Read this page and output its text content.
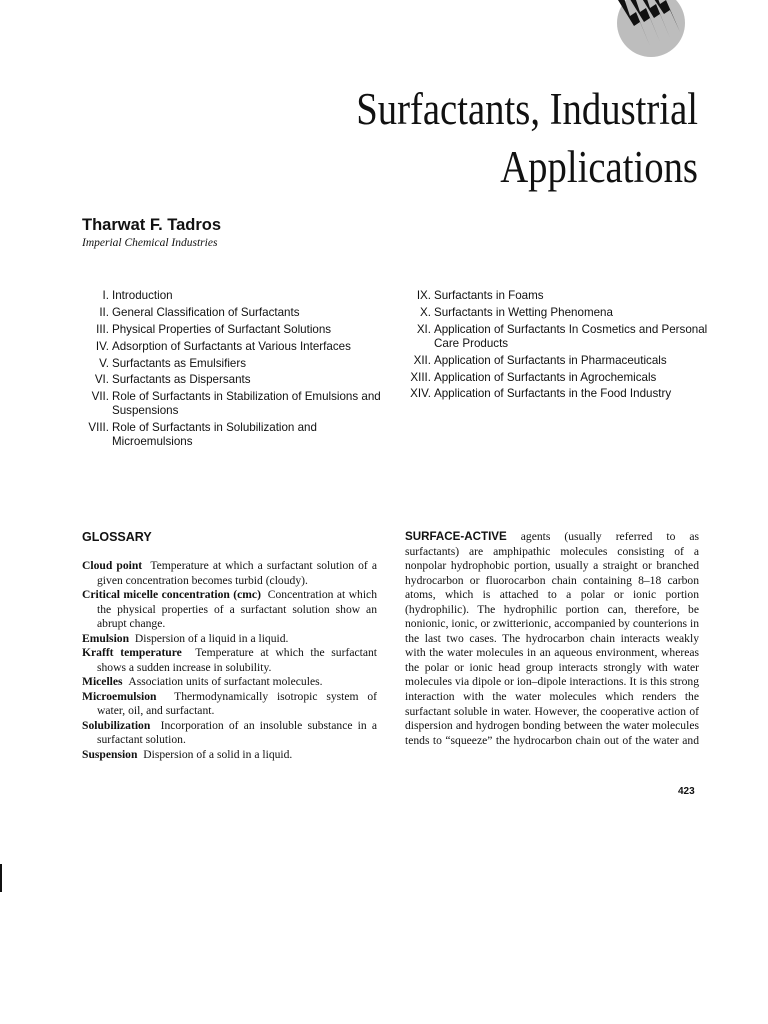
Surfactants, Industrial
Applications
Tharwat F. Tadros
Imperial Chemical Industries
I. Introduction
II. General Classification of Surfactants
III. Physical Properties of Surfactant Solutions
IV. Adsorption of Surfactants at Various Interfaces
V. Surfactants as Emulsifiers
VI. Surfactants as Dispersants
VII. Role of Surfactants in Stabilization of Emulsions and Suspensions
VIII. Role of Surfactants in Solubilization and Microemulsions
IX. Surfactants in Foams
X. Surfactants in Wetting Phenomena
XI. Application of Surfactants In Cosmetics and Personal Care Products
XII. Application of Surfactants in Pharmaceuticals
XIII. Application of Surfactants in Agrochemicals
XIV. Application of Surfactants in the Food Industry
GLOSSARY
Cloud point Temperature at which a surfactant solution of a given concentration becomes turbid (cloudy).
Critical micelle concentration (cmc) Concentration at which the physical properties of a surfactant solution show an abrupt change.
Emulsion Dispersion of a liquid in a liquid.
Krafft temperature Temperature at which the surfactant shows a sudden increase in solubility.
Micelles Association units of surfactant molecules.
Microemulsion Thermodynamically isotropic system of water, oil, and surfactant.
Solubilization Incorporation of an insoluble substance in a surfactant solution.
Suspension Dispersion of a solid in a liquid.
SURFACE-ACTIVE agents (usually referred to as surfactants) are amphipathic molecules consisting of a nonpolar hydrophobic portion, usually a straight or branched hydrocarbon or fluorocarbon chain containing 8–18 carbon atoms, which is attached to a polar or ionic portion (hydrophilic). The hydrophilic portion can, therefore, be nonionic, ionic, or zwitterionic, accompanied by counterions in the last two cases. The hydrocarbon chain interacts weakly with the water molecules in an aqueous environment, whereas the polar or ionic head group interacts strongly with water molecules via dipole or ion–dipole interactions. It is this strong interaction with the water molecules which renders the surfactant soluble in water. However, the cooperative action of dispersion and hydrogen bonding between the water molecules tends to “squeeze” the hydrocarbon chain out of the water and
423
